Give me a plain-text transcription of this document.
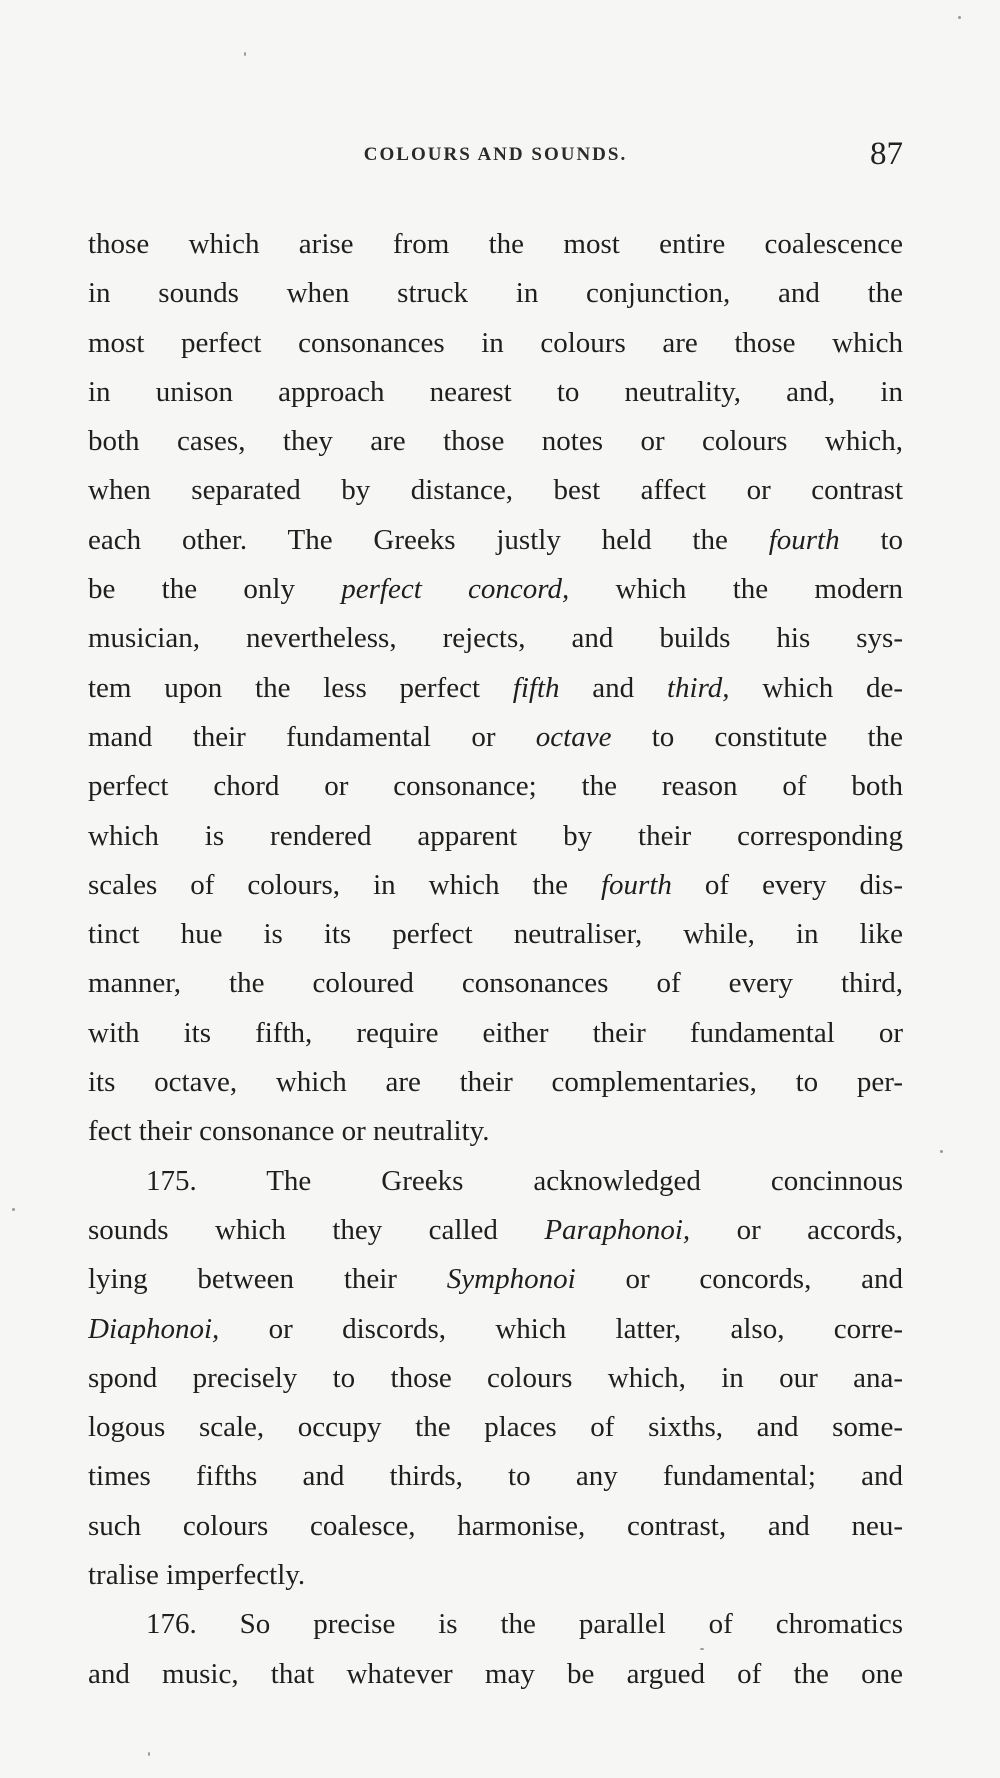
COLOURS AND SOUNDS.	87
those which arise from the most entire coalescence
in sounds when struck in conjunction, and the
most perfect consonances in colours are those which
in unison approach nearest to neutrality, and, in
both cases, they are those notes or colours which,
when separated by distance, best affect or contrast
each other. The Greeks justly held the fourth to
be the only perfect concord, which the modern
musician, nevertheless, rejects, and builds his sys-
tem upon the less perfect fifth and third, which de-
mand their fundamental or octave to constitute the
perfect chord or consonance; the reason of both
which is rendered apparent by their corresponding
scales of colours, in which the fourth of every dis-
tinct hue is its perfect neutraliser, while, in like
manner, the coloured consonances of every third,
with its fifth, require either their fundamental or
its octave, which are their complementaries, to per-
fect their consonance or neutrality.
175. The Greeks acknowledged concinnous
sounds which they called Paraphonoi, or accords,
lying between their Symphonoi or concords, and
Diaphonoi, or discords, which latter, also, corre-
spond precisely to those colours which, in our ana-
logous scale, occupy the places of sixths, and some-
times fifths and thirds, to any fundamental; and
such colours coalesce, harmonise, contrast, and neu-
tralise imperfectly.
176. So precise is the parallel of chromatics
and music, that whatever may be argued of the one
